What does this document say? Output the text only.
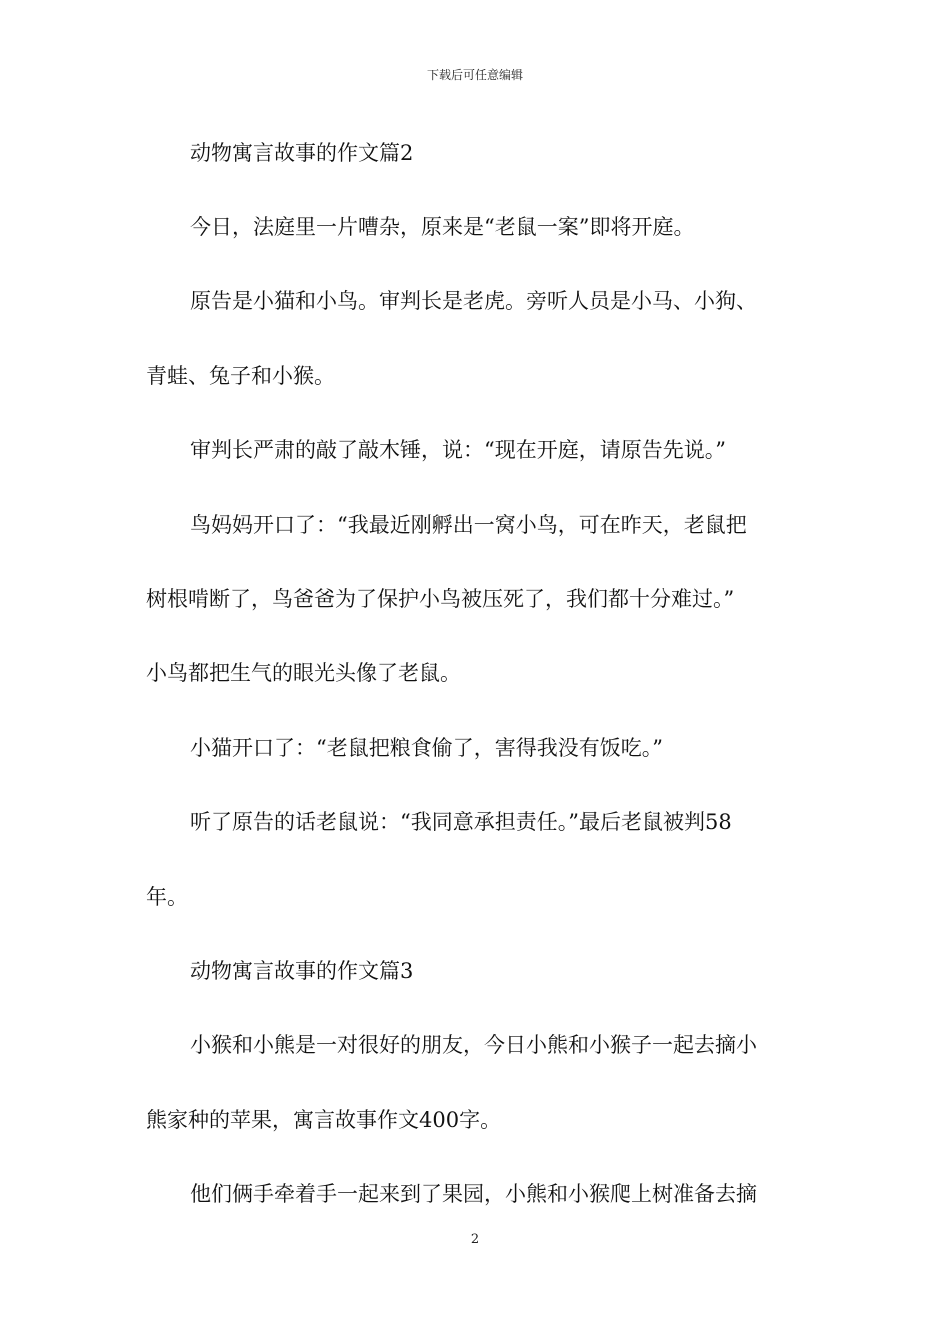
下载后可任意编辑
动物寓言故事的作文篇2
今日，法庭里一片嘈杂，原来是“老鼠一案”即将开庭。
原告是小猫和小鸟。审判长是老虎。旁听人员是小马、小狗、
青蛙、兔子和小猴。
审判长严肃的敲了敲木锤，说：“现在开庭，请原告先说。”
鸟妈妈开口了：“我最近刚孵出一窝小鸟，可在昨天，老鼠把
树根啃断了，鸟爸爸为了保护小鸟被压死了，我们都十分难过。”
小鸟都把生气的眼光头像了老鼠。
小猫开口了：“老鼠把粮食偷了，害得我没有饭吃。”
听了原告的话老鼠说：“我同意承担责任。”最后老鼠被判58
年。
动物寓言故事的作文篇3
小猴和小熊是一对很好的朋友，今日小熊和小猴子一起去摘小
熊家种的苹果，寓言故事作文400字。
他们俩手牵着手一起来到了果园，小熊和小猴爬上树准备去摘
2
